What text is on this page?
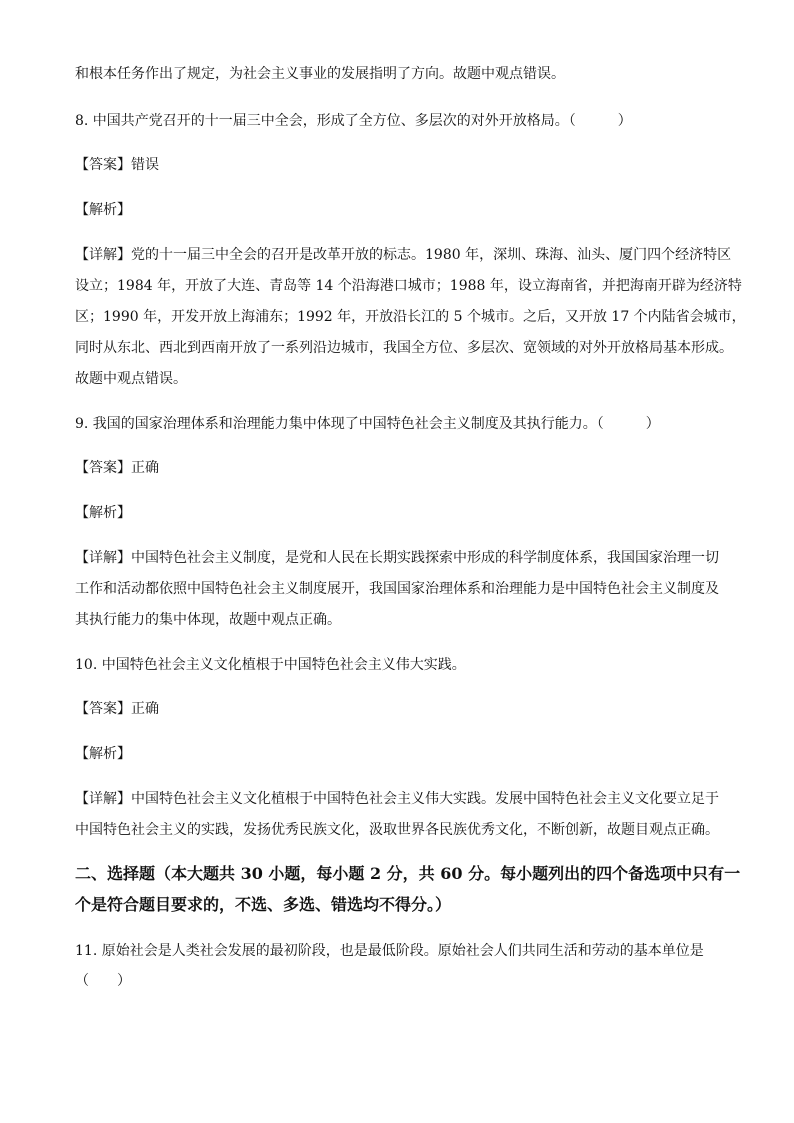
和根本任务作出了规定，为社会主义事业的发展指明了方向。故题中观点错误。
8. 中国共产党召开的十一届三中全会，形成了全方位、多层次的对外开放格局。（　　　）
【答案】错误
【解析】
【详解】党的十一届三中全会的召开是改革开放的标志。1980 年，深圳、珠海、汕头、厦门四个经济特区
设立；1984 年，开放了大连、青岛等 14 个沿海港口城市；1988 年，设立海南省，并把海南开辟为经济特
区；1990 年，开发开放上海浦东；1992 年，开放沿长江的 5 个城市。之后，又开放 17 个内陆省会城市，
同时从东北、西北到西南开放了一系列沿边城市，我国全方位、多层次、宽领域的对外开放格局基本形成。
故题中观点错误。
9. 我国的国家治理体系和治理能力集中体现了中国特色社会主义制度及其执行能力。（　　　）
【答案】正确
【解析】
【详解】中国特色社会主义制度，是党和人民在长期实践探索中形成的科学制度体系，我国国家治理一切
工作和活动都依照中国特色社会主义制度展开，我国国家治理体系和治理能力是中国特色社会主义制度及
其执行能力的集中体现，故题中观点正确。
10. 中国特色社会主义文化植根于中国特色社会主义伟大实践。
【答案】正确
【解析】
【详解】中国特色社会主义文化植根于中国特色社会主义伟大实践。发展中国特色社会主义文化要立足于
中国特色社会主义的实践，发扬优秀民族文化，汲取世界各民族优秀文化，不断创新，故题目观点正确。
二、选择题（本大题共 30 小题，每小题 2 分，共 60 分。每小题列出的四个备选项中只有一
个是符合题目要求的，不选、多选、错选均不得分。）
11. 原始社会是人类社会发展的最初阶段，也是最低阶段。原始社会人们共同生活和劳动的基本单位是
（　　）
